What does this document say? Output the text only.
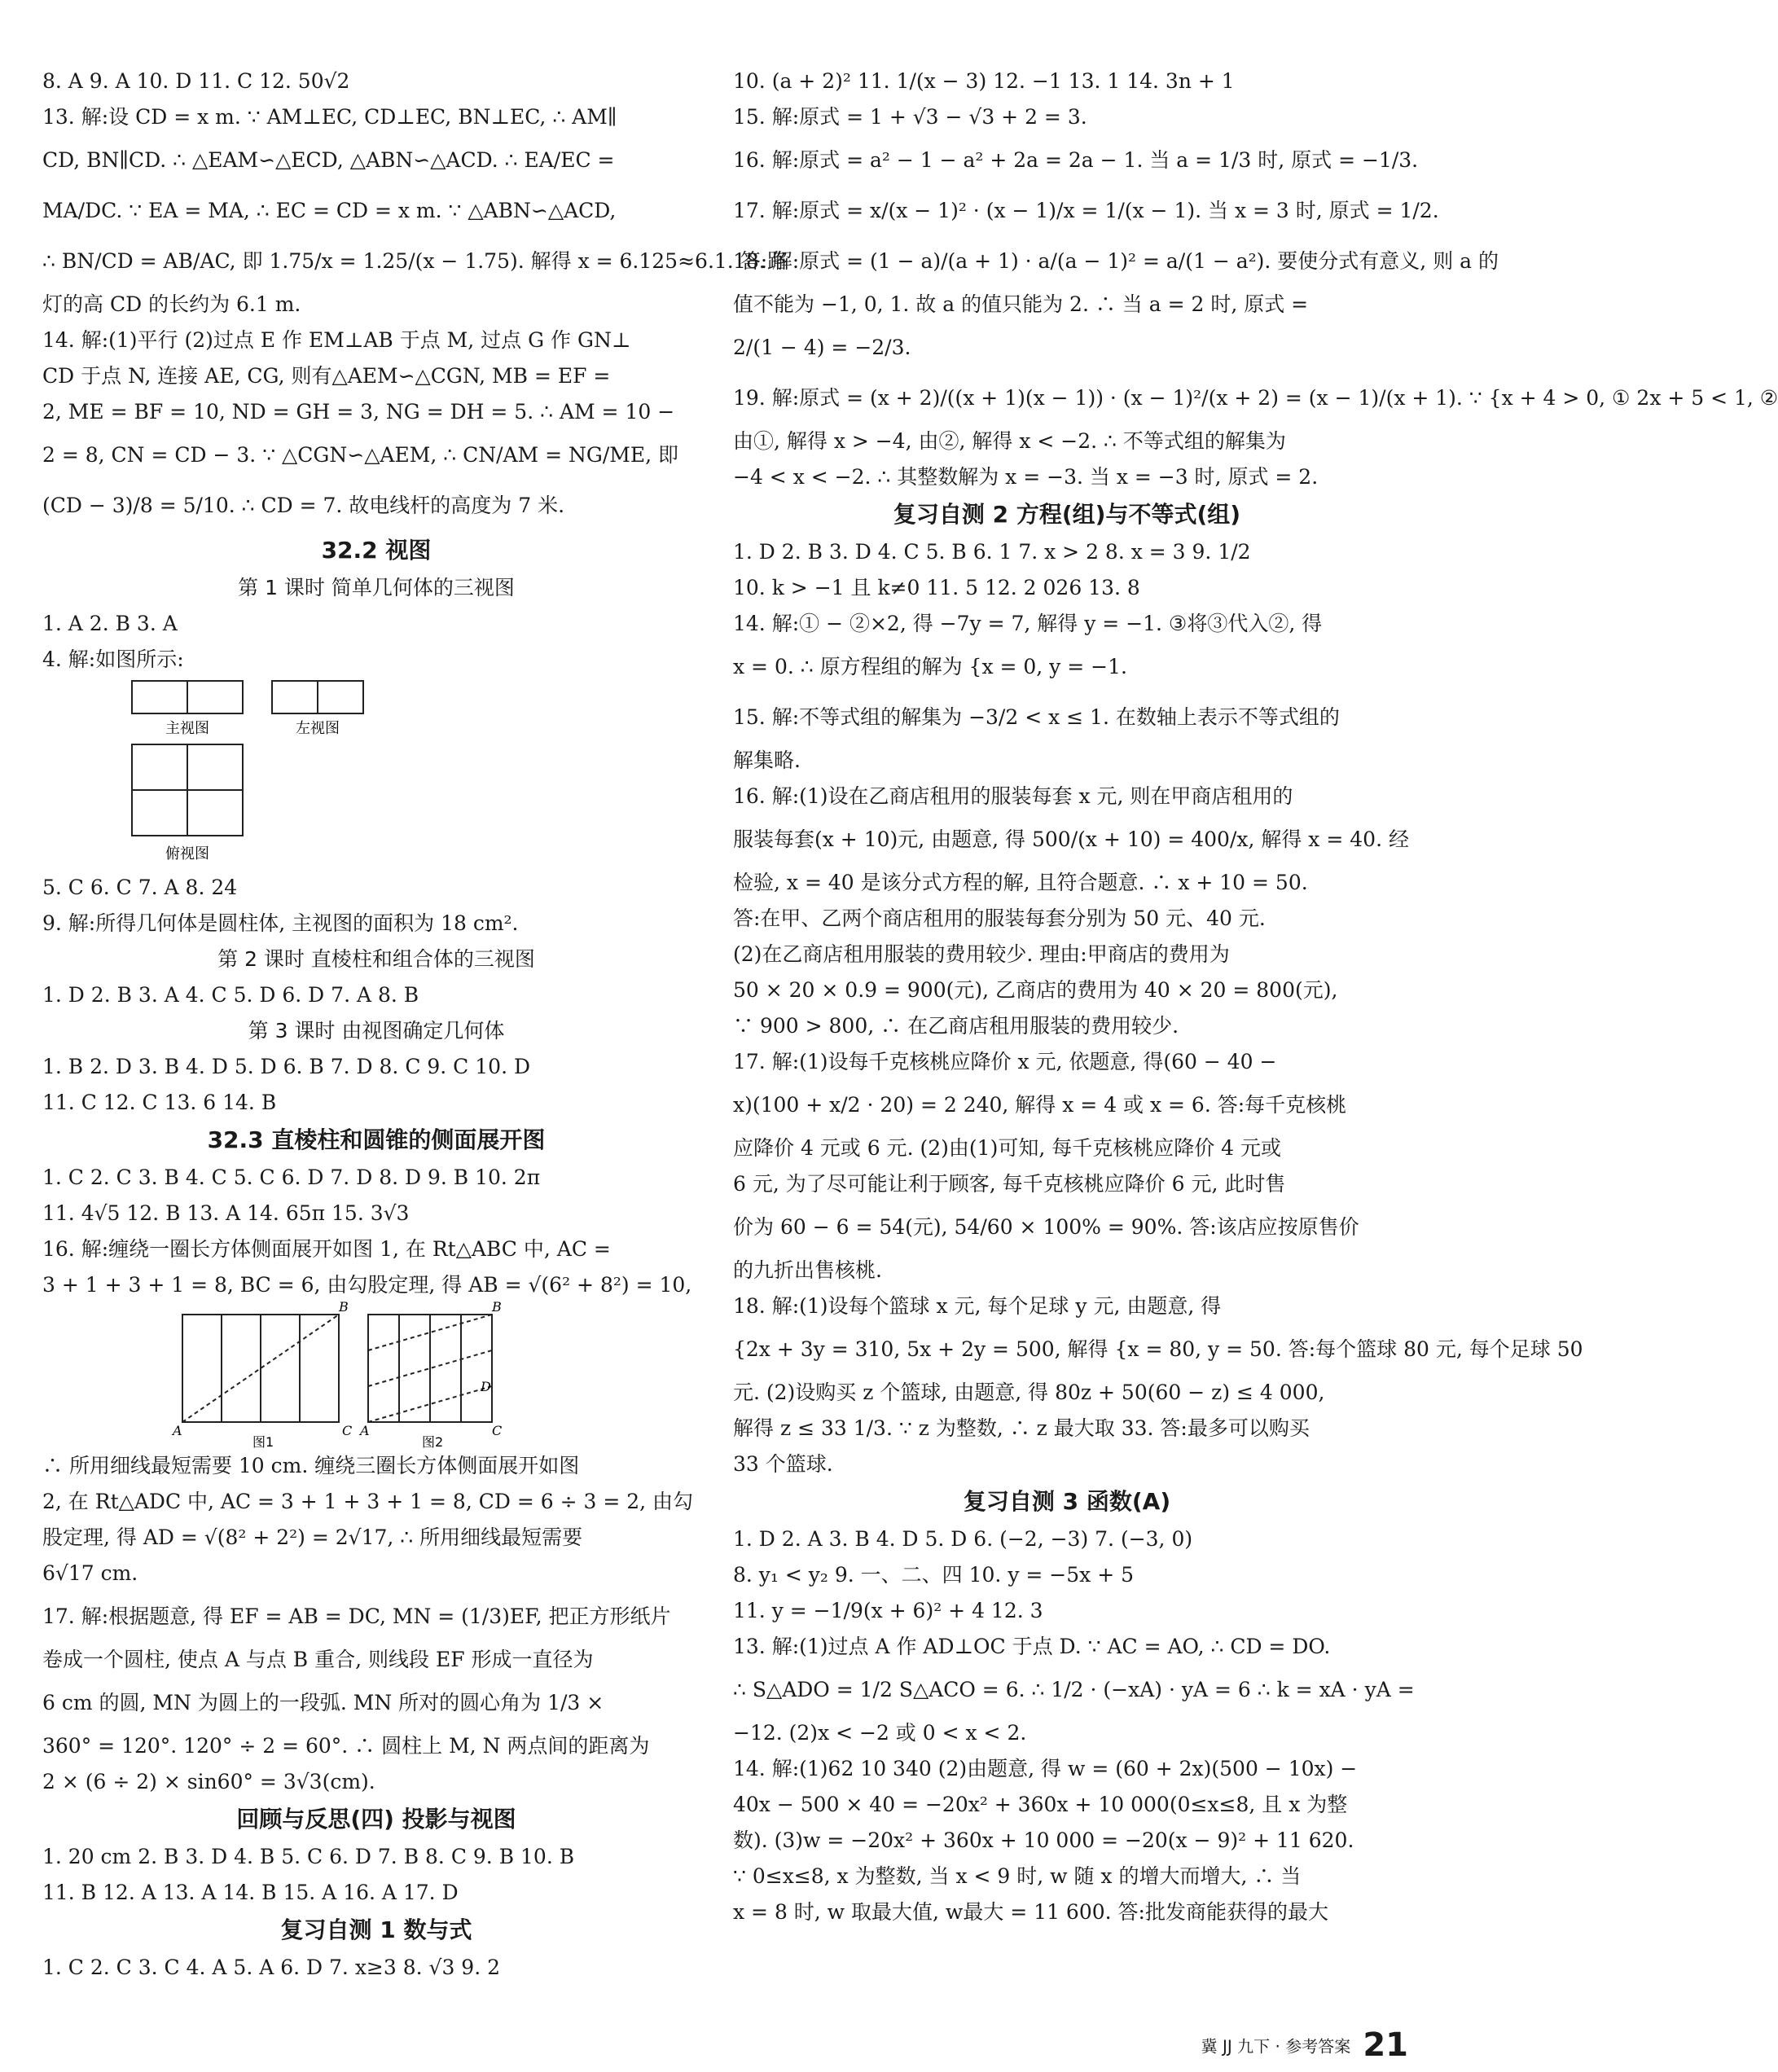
8. A 9. A 10. D 11. C 12. 50√2
13. 解:设 CD = x m. ∵ AM⊥EC, CD⊥EC, BN⊥EC, ∴ AM∥
CD, BN∥CD. ∴ △EAM∽△ECD, △ABN∽△ACD. ∴ EA/EC =
MA/DC. ∵ EA = MA, ∴ EC = CD = x m. ∵ △ABN∽△ACD,
∴ BN/CD = AB/AC, 即 1.75/x = 1.25/(x − 1.75). 解得 x = 6.125≈6.1. 答:路
灯的高 CD 的长约为 6.1 m.
14. 解:(1)平行 (2)过点 E 作 EM⊥AB 于点 M, 过点 G 作 GN⊥
CD 于点 N, 连接 AE, CG, 则有△AEM∽△CGN, MB = EF =
2, ME = BF = 10, ND = GH = 3, NG = DH = 5. ∴ AM = 10 −
2 = 8, CN = CD − 3. ∵ △CGN∽△AEM, ∴ CN/AM = NG/ME, 即
(CD − 3)/8 = 5/10. ∴ CD = 7. 故电线杆的高度为 7 米.
32.2 视图
第 1 课时 简单几何体的三视图
1. A 2. B 3. A
4. 解:如图所示:
主视图	左视图
俯视图
5. C 6. C 7. A 8. 24
9. 解:所得几何体是圆柱体, 主视图的面积为 18 cm².
第 2 课时 直棱柱和组合体的三视图
1. D 2. B 3. A 4. C 5. D 6. D 7. A 8. B
第 3 课时 由视图确定几何体
1. B 2. D 3. B 4. D 5. D 6. B 7. D 8. C 9. C 10. D
11. C 12. C 13. 6 14. B
32.3 直棱柱和圆锥的侧面展开图
1. C 2. C 3. B 4. C 5. C 6. D 7. D 8. D 9. B 10. 2π
11. 4√5 12. B 13. A 14. 65π 15. 3√3
16. 解:缠绕一圈长方体侧面展开如图 1, 在 Rt△ABC 中, AC =
3 + 1 + 3 + 1 = 8, BC = 6, 由勾股定理, 得 AB = √(6² + 8²) = 10,
A	C
B
图1
A	C
B
D
图2
∴ 所用细线最短需要 10 cm. 缠绕三圈长方体侧面展开如图
2, 在 Rt△ADC 中, AC = 3 + 1 + 3 + 1 = 8, CD = 6 ÷ 3 = 2, 由勾
股定理, 得 AD = √(8² + 2²) = 2√17, ∴ 所用细线最短需要
6√17 cm.
17. 解:根据题意, 得 EF = AB = DC, MN = (1/3)EF, 把正方形纸片
卷成一个圆柱, 使点 A 与点 B 重合, 则线段 EF 形成一直径为
6 cm 的圆, MN 为圆上的一段弧. MN 所对的圆心角为 1/3 ×
360° = 120°. 120° ÷ 2 = 60°. ∴ 圆柱上 M, N 两点间的距离为
2 × (6 ÷ 2) × sin60° = 3√3(cm).
回顾与反思(四) 投影与视图
1. 20 cm 2. B 3. D 4. B 5. C 6. D 7. B 8. C 9. B 10. B
11. B 12. A 13. A 14. B 15. A 16. A 17. D
复习自测 1 数与式
1. C 2. C 3. C 4. A 5. A 6. D 7. x≥3 8. √3 9. 2
10. (a + 2)² 11. 1/(x − 3) 12. −1 13. 1 14. 3n + 1
15. 解:原式 = 1 + √3 − √3 + 2 = 3.
16. 解:原式 = a² − 1 − a² + 2a = 2a − 1. 当 a = 1/3 时, 原式 = −1/3.
17. 解:原式 = x/(x − 1)² · (x − 1)/x = 1/(x − 1). 当 x = 3 时, 原式 = 1/2.
18. 解:原式 = (1 − a)/(a + 1) · a/(a − 1)² = a/(1 − a²). 要使分式有意义, 则 a 的
值不能为 −1, 0, 1. 故 a 的值只能为 2. ∴ 当 a = 2 时, 原式 =
2/(1 − 4) = −2/3.
19. 解:原式 = (x + 2)/((x + 1)(x − 1)) · (x − 1)²/(x + 2) = (x − 1)/(x + 1). ∵ {x + 4 > 0, ① 2x + 5 < 1, ②
由①, 解得 x > −4, 由②, 解得 x < −2. ∴ 不等式组的解集为
−4 < x < −2. ∴ 其整数解为 x = −3. 当 x = −3 时, 原式 = 2.
复习自测 2 方程(组)与不等式(组)
1. D 2. B 3. D 4. C 5. B 6. 1 7. x > 2 8. x = 3 9. 1/2
10. k > −1 且 k≠0 11. 5 12. 2 026 13. 8
14. 解:① − ②×2, 得 −7y = 7, 解得 y = −1. ③将③代入②, 得
x = 0. ∴ 原方程组的解为 {x = 0, y = −1.
15. 解:不等式组的解集为 −3/2 < x ≤ 1. 在数轴上表示不等式组的
解集略.
16. 解:(1)设在乙商店租用的服装每套 x 元, 则在甲商店租用的
服装每套(x + 10)元, 由题意, 得 500/(x + 10) = 400/x, 解得 x = 40. 经
检验, x = 40 是该分式方程的解, 且符合题意. ∴ x + 10 = 50.
答:在甲、乙两个商店租用的服装每套分别为 50 元、40 元.
(2)在乙商店租用服装的费用较少. 理由:甲商店的费用为
50 × 20 × 0.9 = 900(元), 乙商店的费用为 40 × 20 = 800(元),
∵ 900 > 800, ∴ 在乙商店租用服装的费用较少.
17. 解:(1)设每千克核桃应降价 x 元, 依题意, 得(60 − 40 −
x)(100 + x/2 · 20) = 2 240, 解得 x = 4 或 x = 6. 答:每千克核桃
应降价 4 元或 6 元. (2)由(1)可知, 每千克核桃应降价 4 元或
6 元, 为了尽可能让利于顾客, 每千克核桃应降价 6 元, 此时售
价为 60 − 6 = 54(元), 54/60 × 100% = 90%. 答:该店应按原售价
的九折出售核桃.
18. 解:(1)设每个篮球 x 元, 每个足球 y 元, 由题意, 得
{2x + 3y = 310, 5x + 2y = 500, 解得 {x = 80, y = 50. 答:每个篮球 80 元, 每个足球 50
元. (2)设购买 z 个篮球, 由题意, 得 80z + 50(60 − z) ≤ 4 000,
解得 z ≤ 33 1/3. ∵ z 为整数, ∴ z 最大取 33. 答:最多可以购买
33 个篮球.
复习自测 3 函数(A)
1. D 2. A 3. B 4. D 5. D 6. (−2, −3) 7. (−3, 0)
8. y₁ < y₂ 9. 一、二、四 10. y = −5x + 5
11. y = −1/9(x + 6)² + 4 12. 3
13. 解:(1)过点 A 作 AD⊥OC 于点 D. ∵ AC = AO, ∴ CD = DO.
∴ S△ADO = 1/2 S△ACO = 6. ∴ 1/2 · (−xA) · yA = 6 ∴ k = xA · yA =
−12. (2)x < −2 或 0 < x < 2.
14. 解:(1)62 10 340 (2)由题意, 得 w = (60 + 2x)(500 − 10x) −
40x − 500 × 40 = −20x² + 360x + 10 000(0≤x≤8, 且 x 为整
数). (3)w = −20x² + 360x + 10 000 = −20(x − 9)² + 11 620.
∵ 0≤x≤8, x 为整数, 当 x < 9 时, w 随 x 的增大而增大, ∴ 当
x = 8 时, w 取最大值, w最大 = 11 600. 答:批发商能获得的最大
冀 JJ 九下 · 参考答案 21
